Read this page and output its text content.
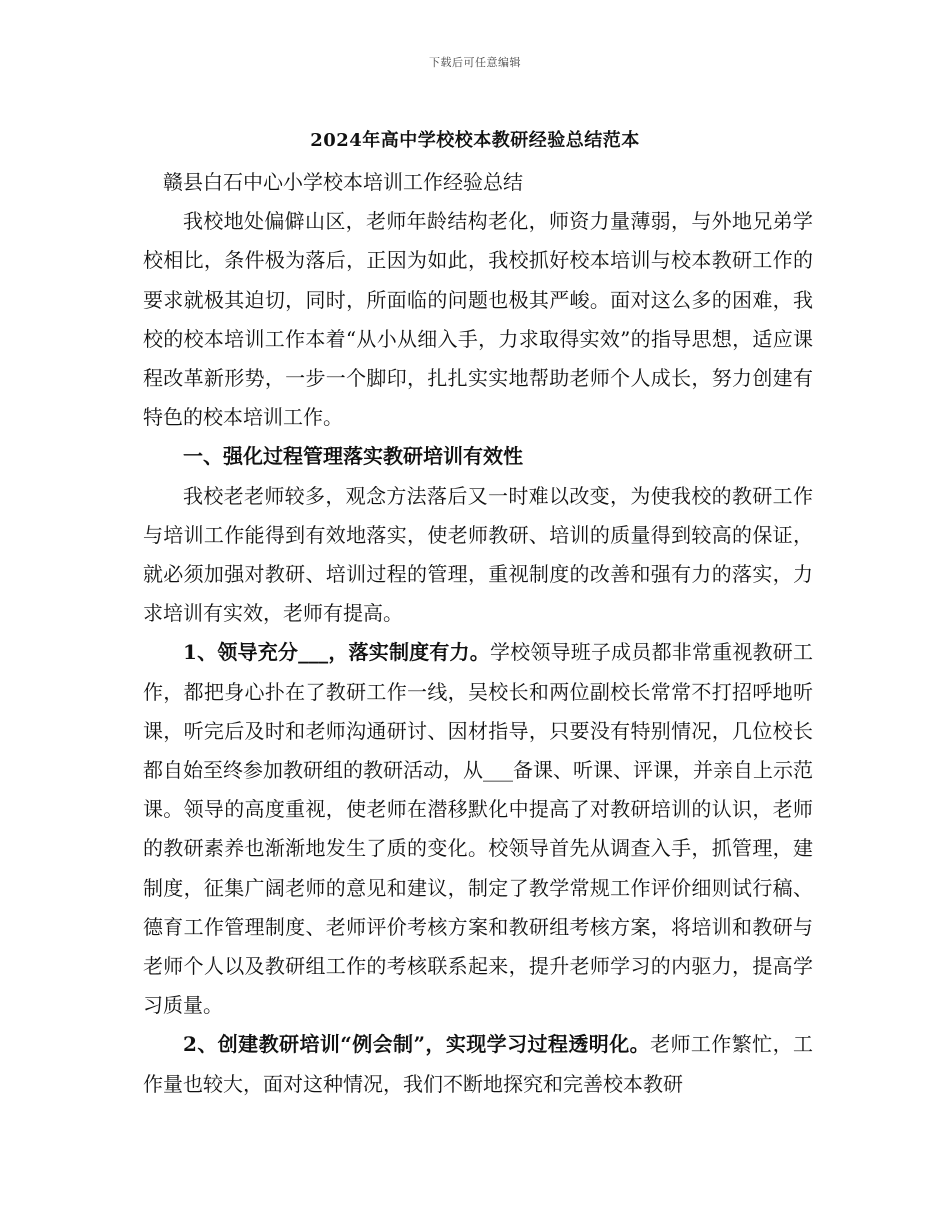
下载后可任意编辑
2024年高中学校校本教研经验总结范本

赣县白石中心小学校本培训工作经验总结

我校地处偏僻山区，老师年龄结构老化，师资力量薄弱，与外地兄弟学校相比，条件极为落后，正因为如此，我校抓好校本培训与校本教研工作的要求就极其迫切，同时，所面临的问题也极其严峻。面对这么多的困难，我校的校本培训工作本着“从小从细入手，力求取得实效”的指导思想，适应课程改革新形势，一步一个脚印，扎扎实实地帮助老师个人成长，努力创建有特色的校本培训工作。

一、强化过程管理落实教研培训有效性

我校老老师较多，观念方法落后又一时难以改变，为使我校的教研工作与培训工作能得到有效地落实，使老师教研、培训的质量得到较高的保证，就必须加强对教研、培训过程的管理，重视制度的改善和强有力的落实，力求培训有实效，老师有提高。

1、领导充分___，落实制度有力。学校领导班子成员都非常重视教研工作，都把身心扑在了教研工作一线，吴校长和两位副校长常常不打招呼地听课，听完后及时和老师沟通研讨、因材指导，只要没有特别情况，几位校长都自始至终参加教研组的教研活动，从___备课、听课、评课，并亲自上示范课。领导的高度重视，使老师在潜移默化中提高了对教研培训的认识，老师的教研素养也渐渐地发生了质的变化。校领导首先从调查入手，抓管理，建制度，征集广阔老师的意见和建议，制定了教学常规工作评价细则试行稿、德育工作管理制度、老师评价考核方案和教研组考核方案，将培训和教研与老师个人以及教研组工作的考核联系起来，提升老师学习的内驱力，提高学习质量。

2、创建教研培训“例会制”，实现学习过程透明化。老师工作繁忙，工作量也较大，面对这种情况，我们不断地探究和完善校本教研
